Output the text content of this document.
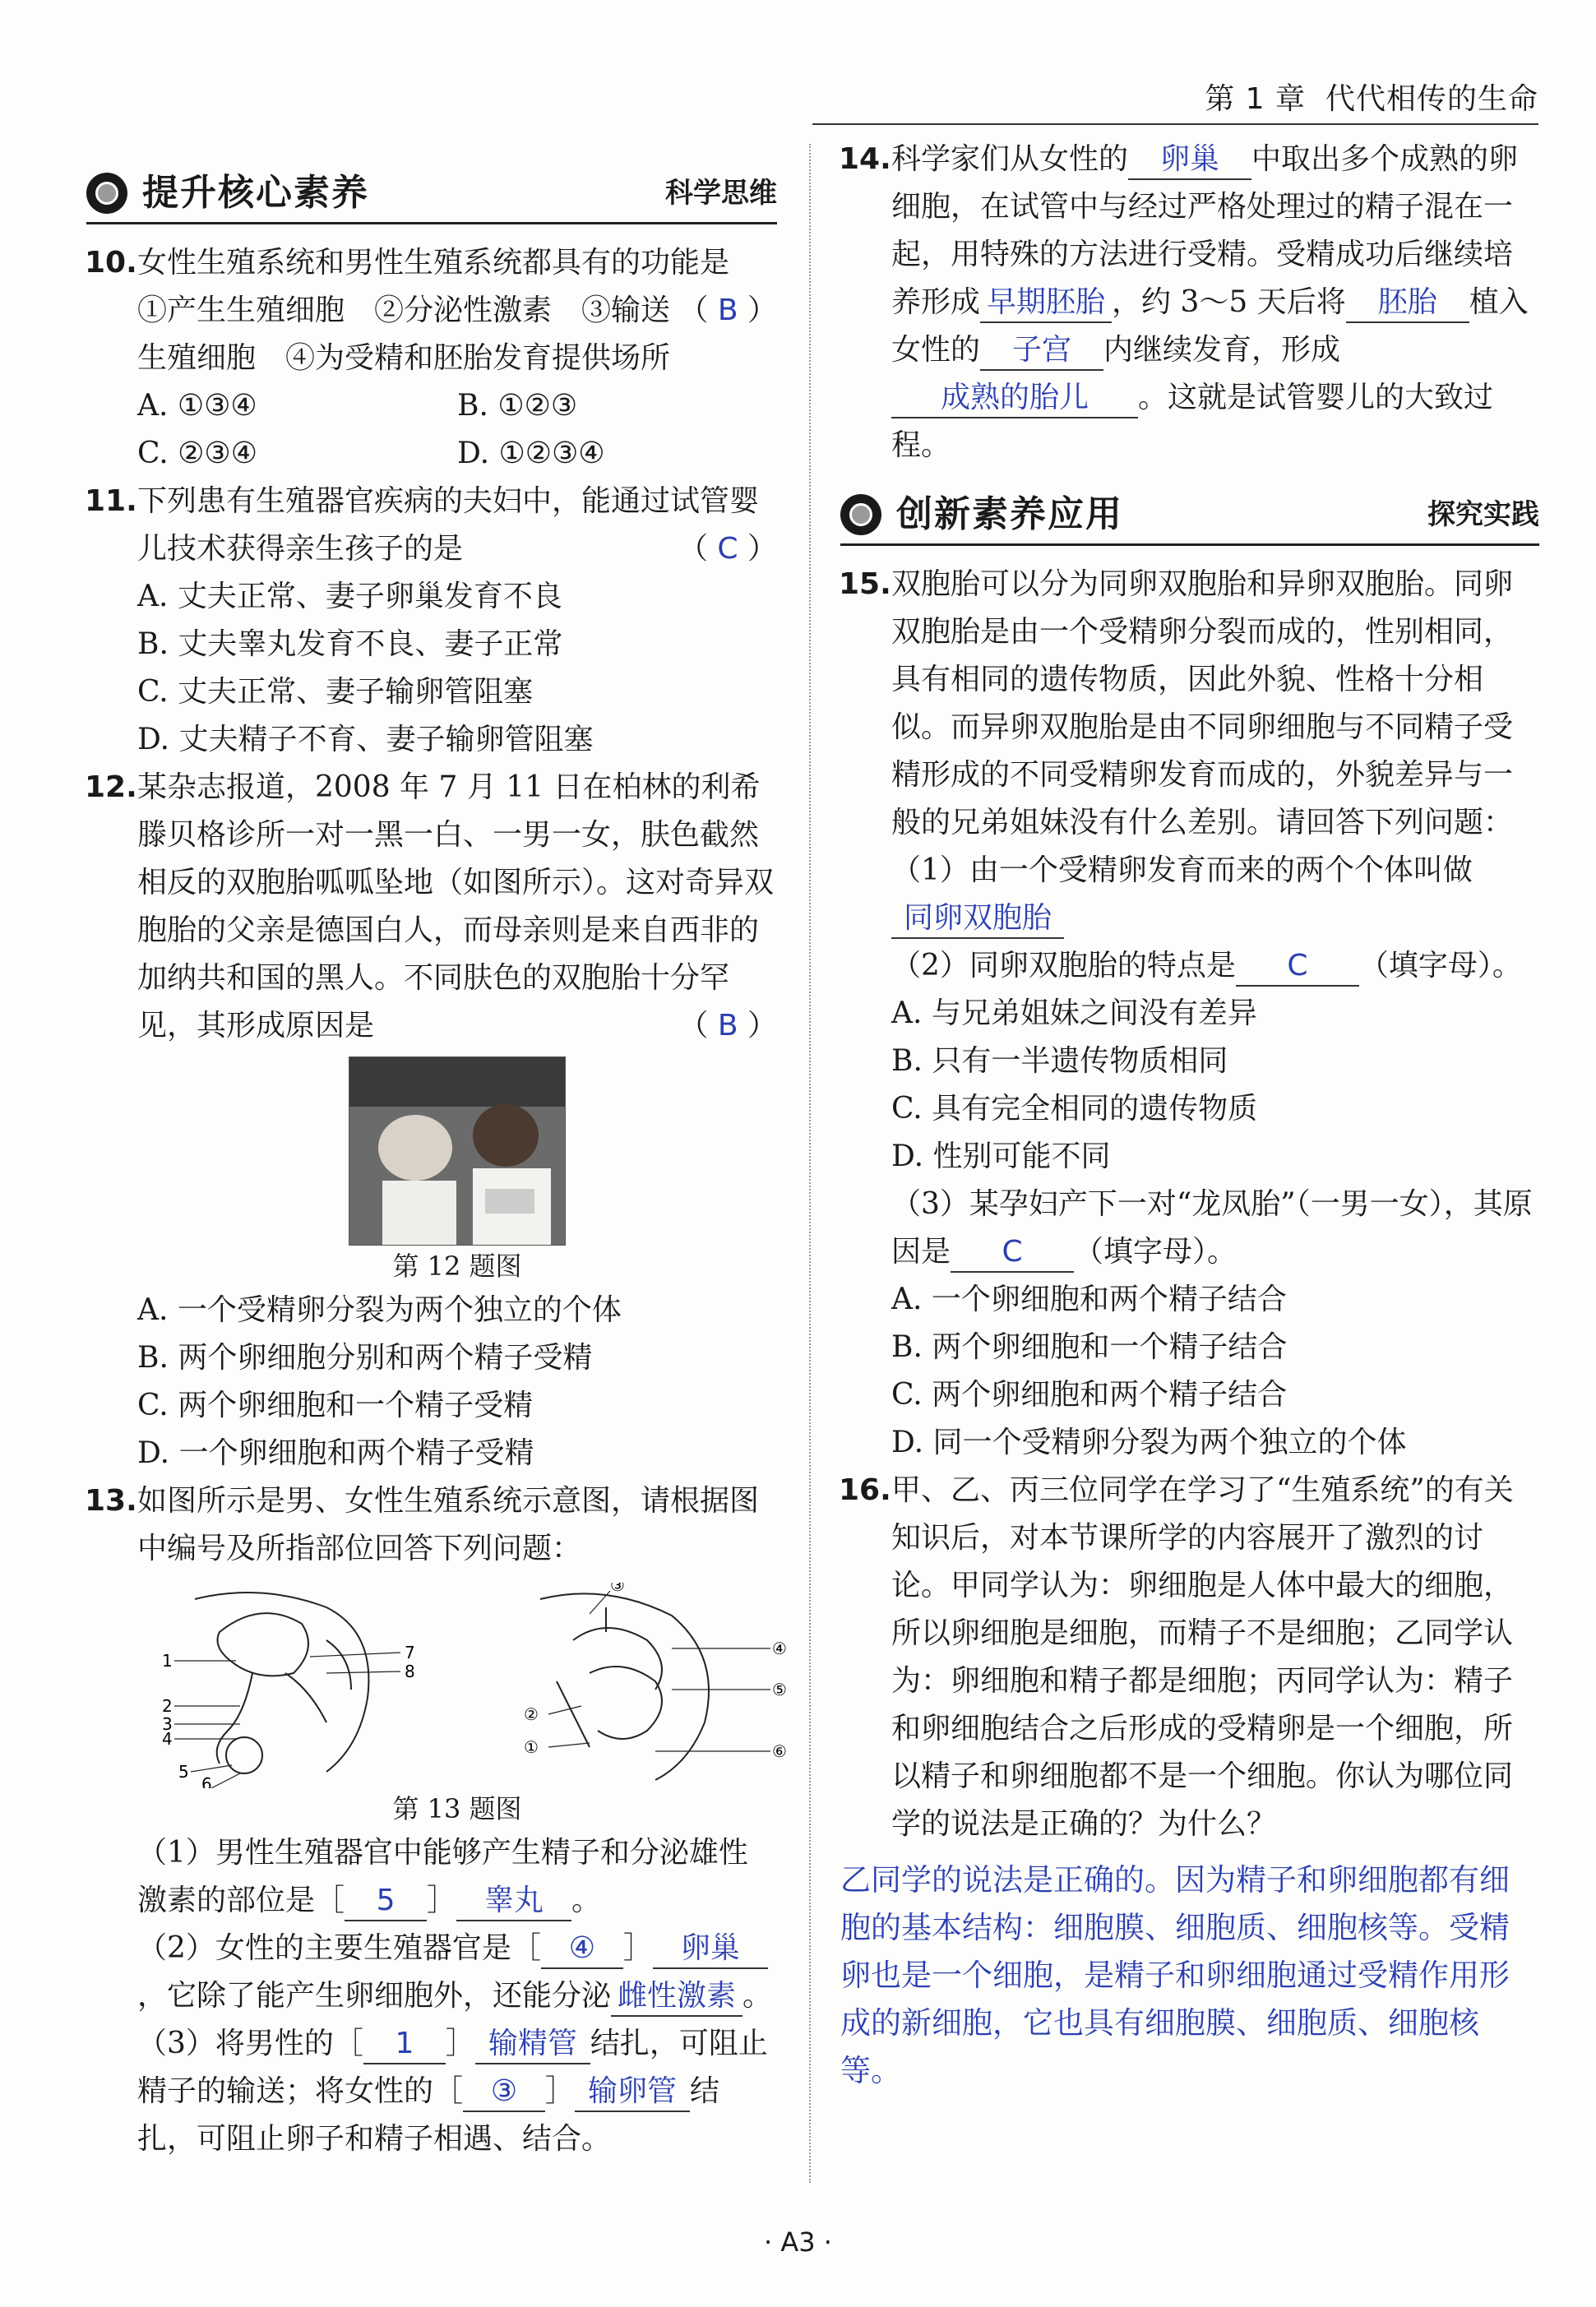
第 1 章 代代相传的生命
提升核心素养	科学思维
10. 女性生殖系统和男性生殖系统都具有的功能是
（ B ）

①产生生殖细胞　②分泌性激素　③输送生殖细胞　④为受精和胚胎发育提供场所

A. ①③④	B. ①②③
C. ②③④	D. ①②③④
11. 下列患有生殖器官疾病的夫妇中，能通过试管婴儿技术获得亲生孩子的是	（ C ）

A. 丈夫正常、妻子卵巢发育不良

B. 丈夫睾丸发育不良、妻子正常

C. 丈夫正常、妻子输卵管阻塞

D. 丈夫精子不育、妻子输卵管阻塞

12. 某杂志报道，2008 年 7 月 11 日在柏林的利希滕贝格诊所一对一黑一白、一男一女，肤色截然相反的双胞胎呱呱坠地（如图所示）。这对奇异双胞胎的父亲是德国白人，而母亲则是来自西非的加纳共和国的黑人。不同肤色的双胞胎十分罕见，其形成原因是	（ B ）

第 12 题图

A. 一个受精卵分裂为两个独立的个体

B. 两个卵细胞分别和两个精子受精

C. 两个卵细胞和一个精子受精

D. 一个卵细胞和两个精子受精

13. 如图所示是男、女性生殖系统示意图，请根据图中编号及所指部位回答下列问题：

1
2
3
4
5
6
7
8
①
②
③
④
⑤
⑥
第 13 题图

（1）男性生殖器官中能够产生精子和分泌雄性激素的部位是［ 5 ］ 睾丸 。

（2）女性的主要生殖器官是［ ④ ］ 卵巢，它除了能产生卵细胞外，还能分泌 雌性激素 。

（3）将男性的［ 1 ］ 输精管 结扎，可阻止精子的输送；将女性的［ ③ ］ 输卵管 结扎，可阻止卵子和精子相遇、结合。

14. 科学家们从女性的 卵巢 中取出多个成熟的卵细胞，在试管中与经过严格处理过的精子混在一起，用特殊的方法进行受精。受精成功后继续培养形成 早期胚胎 ，约 3～5 天后将 胚胎 植入女性的 子宫 内继续发育，形成成熟的胎儿 。这就是试管婴儿的大致过程。

创新素养应用	探究实践
15. 双胞胎可以分为同卵双胞胎和异卵双胞胎。同卵双胞胎是由一个受精卵分裂而成的，性别相同，具有相同的遗传物质，因此外貌、性格十分相似。而异卵双胞胎是由不同卵细胞与不同精子受精形成的不同受精卵发育而成的，外貌差异与一般的兄弟姐妹没有什么差别。请回答下列问题：

（1）由一个受精卵发育而来的两个个体叫做同卵双胞胎

（2）同卵双胞胎的特点是 C （填字母）。

A. 与兄弟姐妹之间没有差异

B. 只有一半遗传物质相同

C. 具有完全相同的遗传物质

D. 性别可能不同

（3）某孕妇产下一对“龙凤胎”（一男一女），其原因是 C （填字母）。

A. 一个卵细胞和两个精子结合

B. 两个卵细胞和一个精子结合

C. 两个卵细胞和两个精子结合

D. 同一个受精卵分裂为两个独立的个体

16. 甲、乙、丙三位同学在学习了“生殖系统”的有关知识后，对本节课所学的内容展开了激烈的讨论。甲同学认为：卵细胞是人体中最大的细胞，所以卵细胞是细胞，而精子不是细胞；乙同学认为：卵细胞和精子都是细胞；丙同学认为：精子和卵细胞结合之后形成的受精卵是一个细胞，所以精子和卵细胞都不是一个细胞。你认为哪位同学的说法是正确的？为什么？

乙同学的说法是正确的。因为精子和卵细胞都有细胞的基本结构：细胞膜、细胞质、细胞核等。受精卵也是一个细胞，是精子和卵细胞通过受精作用形成的新细胞，它也具有细胞膜、细胞质、细胞核等。

· A3 ·
